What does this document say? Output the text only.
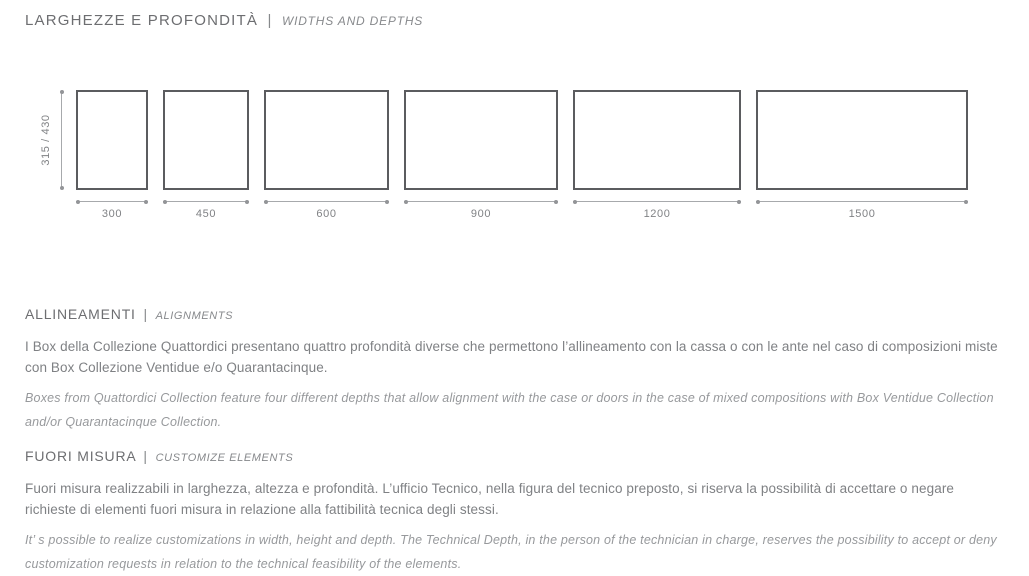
LARGHEZZE E PROFONDITÀ | WIDTHS AND DEPTHS
315 / 430
300	450	600	900	1200	1500
ALLINEAMENTI | ALIGNMENTS

I Box della Collezione Quattordici presentano quattro profondità diverse che permettono l’allineamento con la cassa o con le ante nel caso di composizioni miste con Box Collezione Ventidue e/o Quarantacinque.

Boxes from Quattordici Collection feature four different depths that allow alignment with the case or doors in the case of mixed compositions with Box Ventidue Collection and/or Quarantacinque Collection.

FUORI MISURA | CUSTOMIZE ELEMENTS

Fuori misura realizzabili in larghezza, altezza e profondità. L’ufficio Tecnico, nella figura del tecnico preposto, si riserva la possibilità di accettare o negare richieste di elementi fuori misura in relazione alla fattibilità tecnica degli stessi.

It’ s possible to realize customizations in width, height and depth. The Technical Depth, in the person of the technician in charge, reserves the possibility to accept or deny customization requests in relation to the technical feasibility of the elements.
